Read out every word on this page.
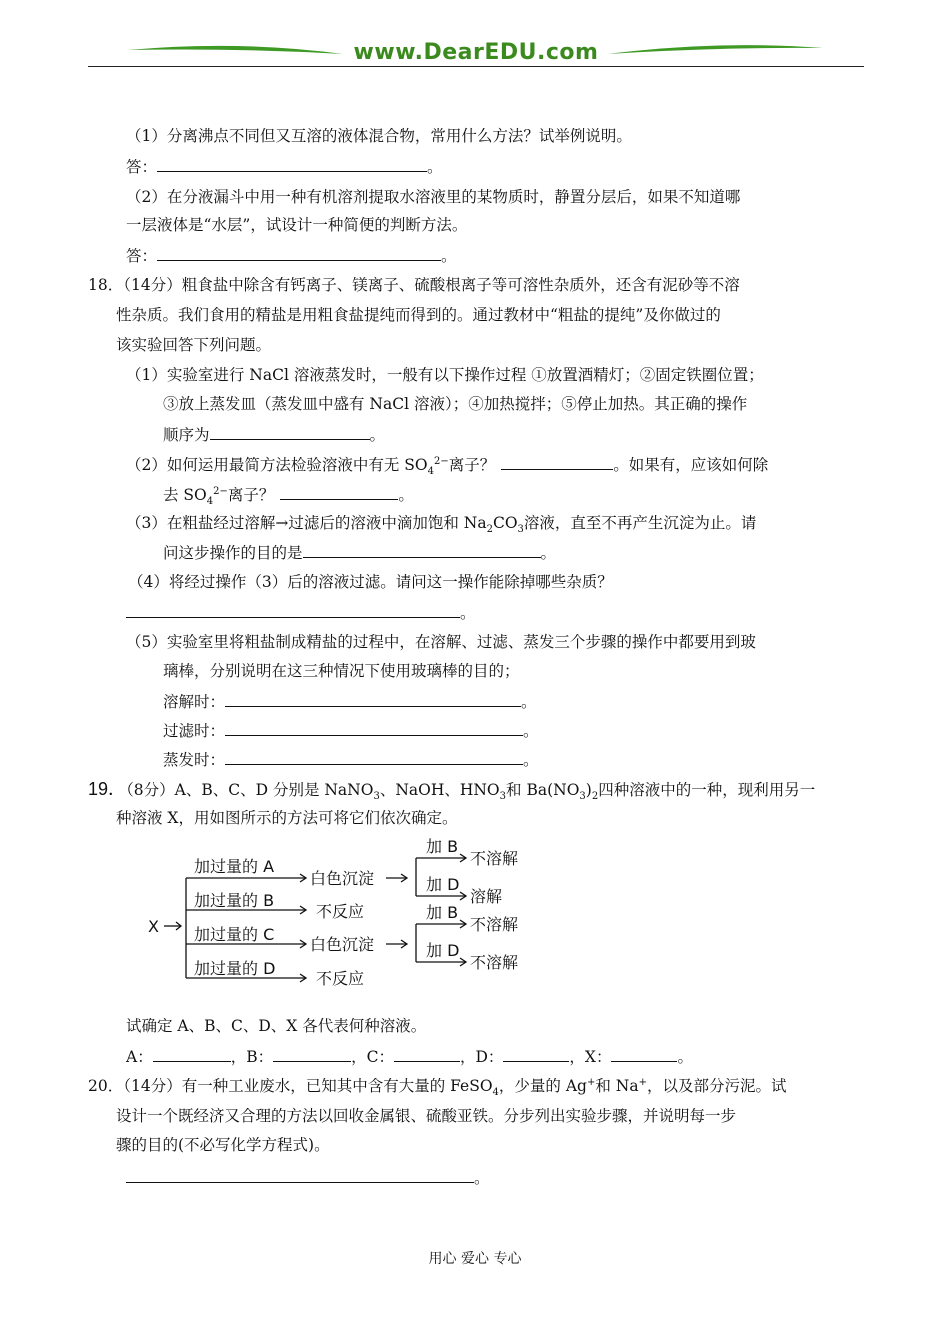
www.DearEDU.com
（1）分离沸点不同但又互溶的液体混合物，常用什么方法？试举例说明。
答：	。
（2）在分液漏斗中用一种有机溶剂提取水溶液里的某物质时，静置分层后，如果不知道哪
一层液体是“水层”，试设计一种简便的判断方法。
答：	。
18．（14分）粗食盐中除含有钙离子、镁离子、硫酸根离子等可溶性杂质外，还含有泥砂等不溶
性杂质。我们食用的精盐是用粗食盐提纯而得到的。通过教材中“粗盐的提纯”及你做过的
该实验回答下列问题。
（1）实验室进行 NaCl 溶液蒸发时，一般有以下操作过程 ①放置酒精灯；②固定铁圈位置；
③放上蒸发皿（蒸发皿中盛有 NaCl 溶液）；④加热搅拌；⑤停止加热。其正确的操作
顺序为	。
（2）如何运用最简方法检验溶液中有无 $SO_4^{2-}$离子？	。如果有，应该如何除
去 $SO_4^{2-}$离子？	。
（3）在粗盐经过溶解→过滤后的溶液中滴加饱和 $Na_2CO_3$溶液，直至不再产生沉淀为止。请
问这步操作的目的是	。
（4）将经过操作（3）后的溶液过滤。请问这一操作能除掉哪些杂质？
。
（5）实验室里将粗盐制成精盐的过程中，在溶解、过滤、蒸发三个步骤的操作中都要用到玻
璃棒，分别说明在这三种情况下使用玻璃棒的目的；
溶解时：	。
过滤时：	。
蒸发时：	。
19．（8分）A、B、C、D 分别是 NaNO$_3$、NaOH、$HNO_3$和 $Ba(NO_3)_2$四种溶液中的一种，现利用另一
种溶液 X，用如图所示的方法可将它们依次确定。
X
加过量的 A
加过量的 B
加过量的 C
加过量的 D
白色沉淀
不反应
白色沉淀
不反应
加 B
加 D
不溶解
溶解
加 B
加 D
不溶解
不溶解
试确定 A、B、C、D、X 各代表何种溶液。
A：	，B：	，C：	，D：	，X：	。
20．（14分）有一种工业废水，已知其中含有大量的 FeSO$_4$，少量的 Ag+和 Na+，以及部分污泥。试
设计一个既经济又合理的方法以回收金属银、硫酸亚铁。分步列出实验步骤，并说明每一步
骤的目的(不必写化学方程式)。
。
用心 爱心 专心
